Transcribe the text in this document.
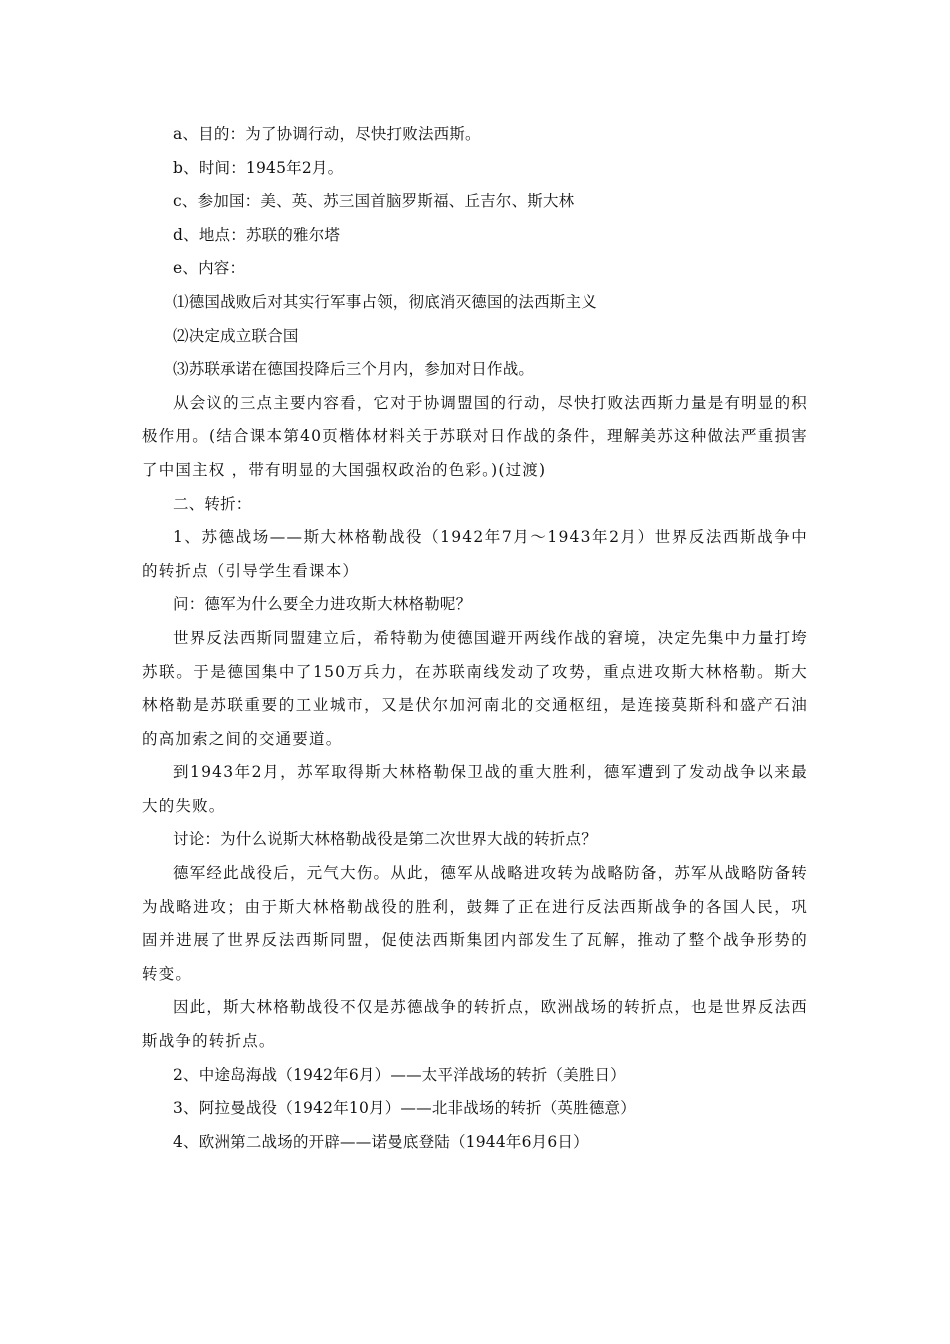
a、目的：为了协调行动，尽快打败法西斯。

b、时间：1945年2月。

c、参加国：美、英、苏三国首脑罗斯福、丘吉尔、斯大林

d、地点：苏联的雅尔塔

e、内容：

⑴德国战败后对其实行军事占领，彻底消灭德国的法西斯主义

⑵决定成立联合国

⑶苏联承诺在德国投降后三个月内，参加对日作战。

从会议的三点主要内容看，它对于协调盟国的行动，尽快打败法西斯力量是有明显的积极作用。(结合课本第40页楷体材料关于苏联对日作战的条件，理解美苏这种做法严重损害了中国主权 ，带有明显的大国强权政治的色彩。)(过渡)

二、转折：

1、苏德战场——斯大林格勒战役（1942年7月～1943年2月）世界反法西斯战争中的转折点（引导学生看课本）

问：德军为什么要全力进攻斯大林格勒呢？

世界反法西斯同盟建立后，希特勒为使德国避开两线作战的窘境，决定先集中力量打垮苏联。于是德国集中了150万兵力，在苏联南线发动了攻势，重点进攻斯大林格勒。斯大林格勒是苏联重要的工业城市，又是伏尔加河南北的交通枢纽，是连接莫斯科和盛产石油的高加索之间的交通要道。

到1943年2月，苏军取得斯大林格勒保卫战的重大胜利，德军遭到了发动战争以来最大的失败。

讨论：为什么说斯大林格勒战役是第二次世界大战的转折点？

德军经此战役后，元气大伤。从此，德军从战略进攻转为战略防备，苏军从战略防备转为战略进攻；由于斯大林格勒战役的胜利，鼓舞了正在进行反法西斯战争的各国人民，巩固并进展了世界反法西斯同盟，促使法西斯集团内部发生了瓦解，推动了整个战争形势的转变。

因此，斯大林格勒战役不仅是苏德战争的转折点，欧洲战场的转折点，也是世界反法西斯战争的转折点。

2、中途岛海战（1942年6月）——太平洋战场的转折（美胜日）

3、阿拉曼战役（1942年10月）——北非战场的转折（英胜德意）

4、欧洲第二战场的开辟——诺曼底登陆（1944年6月6日）
